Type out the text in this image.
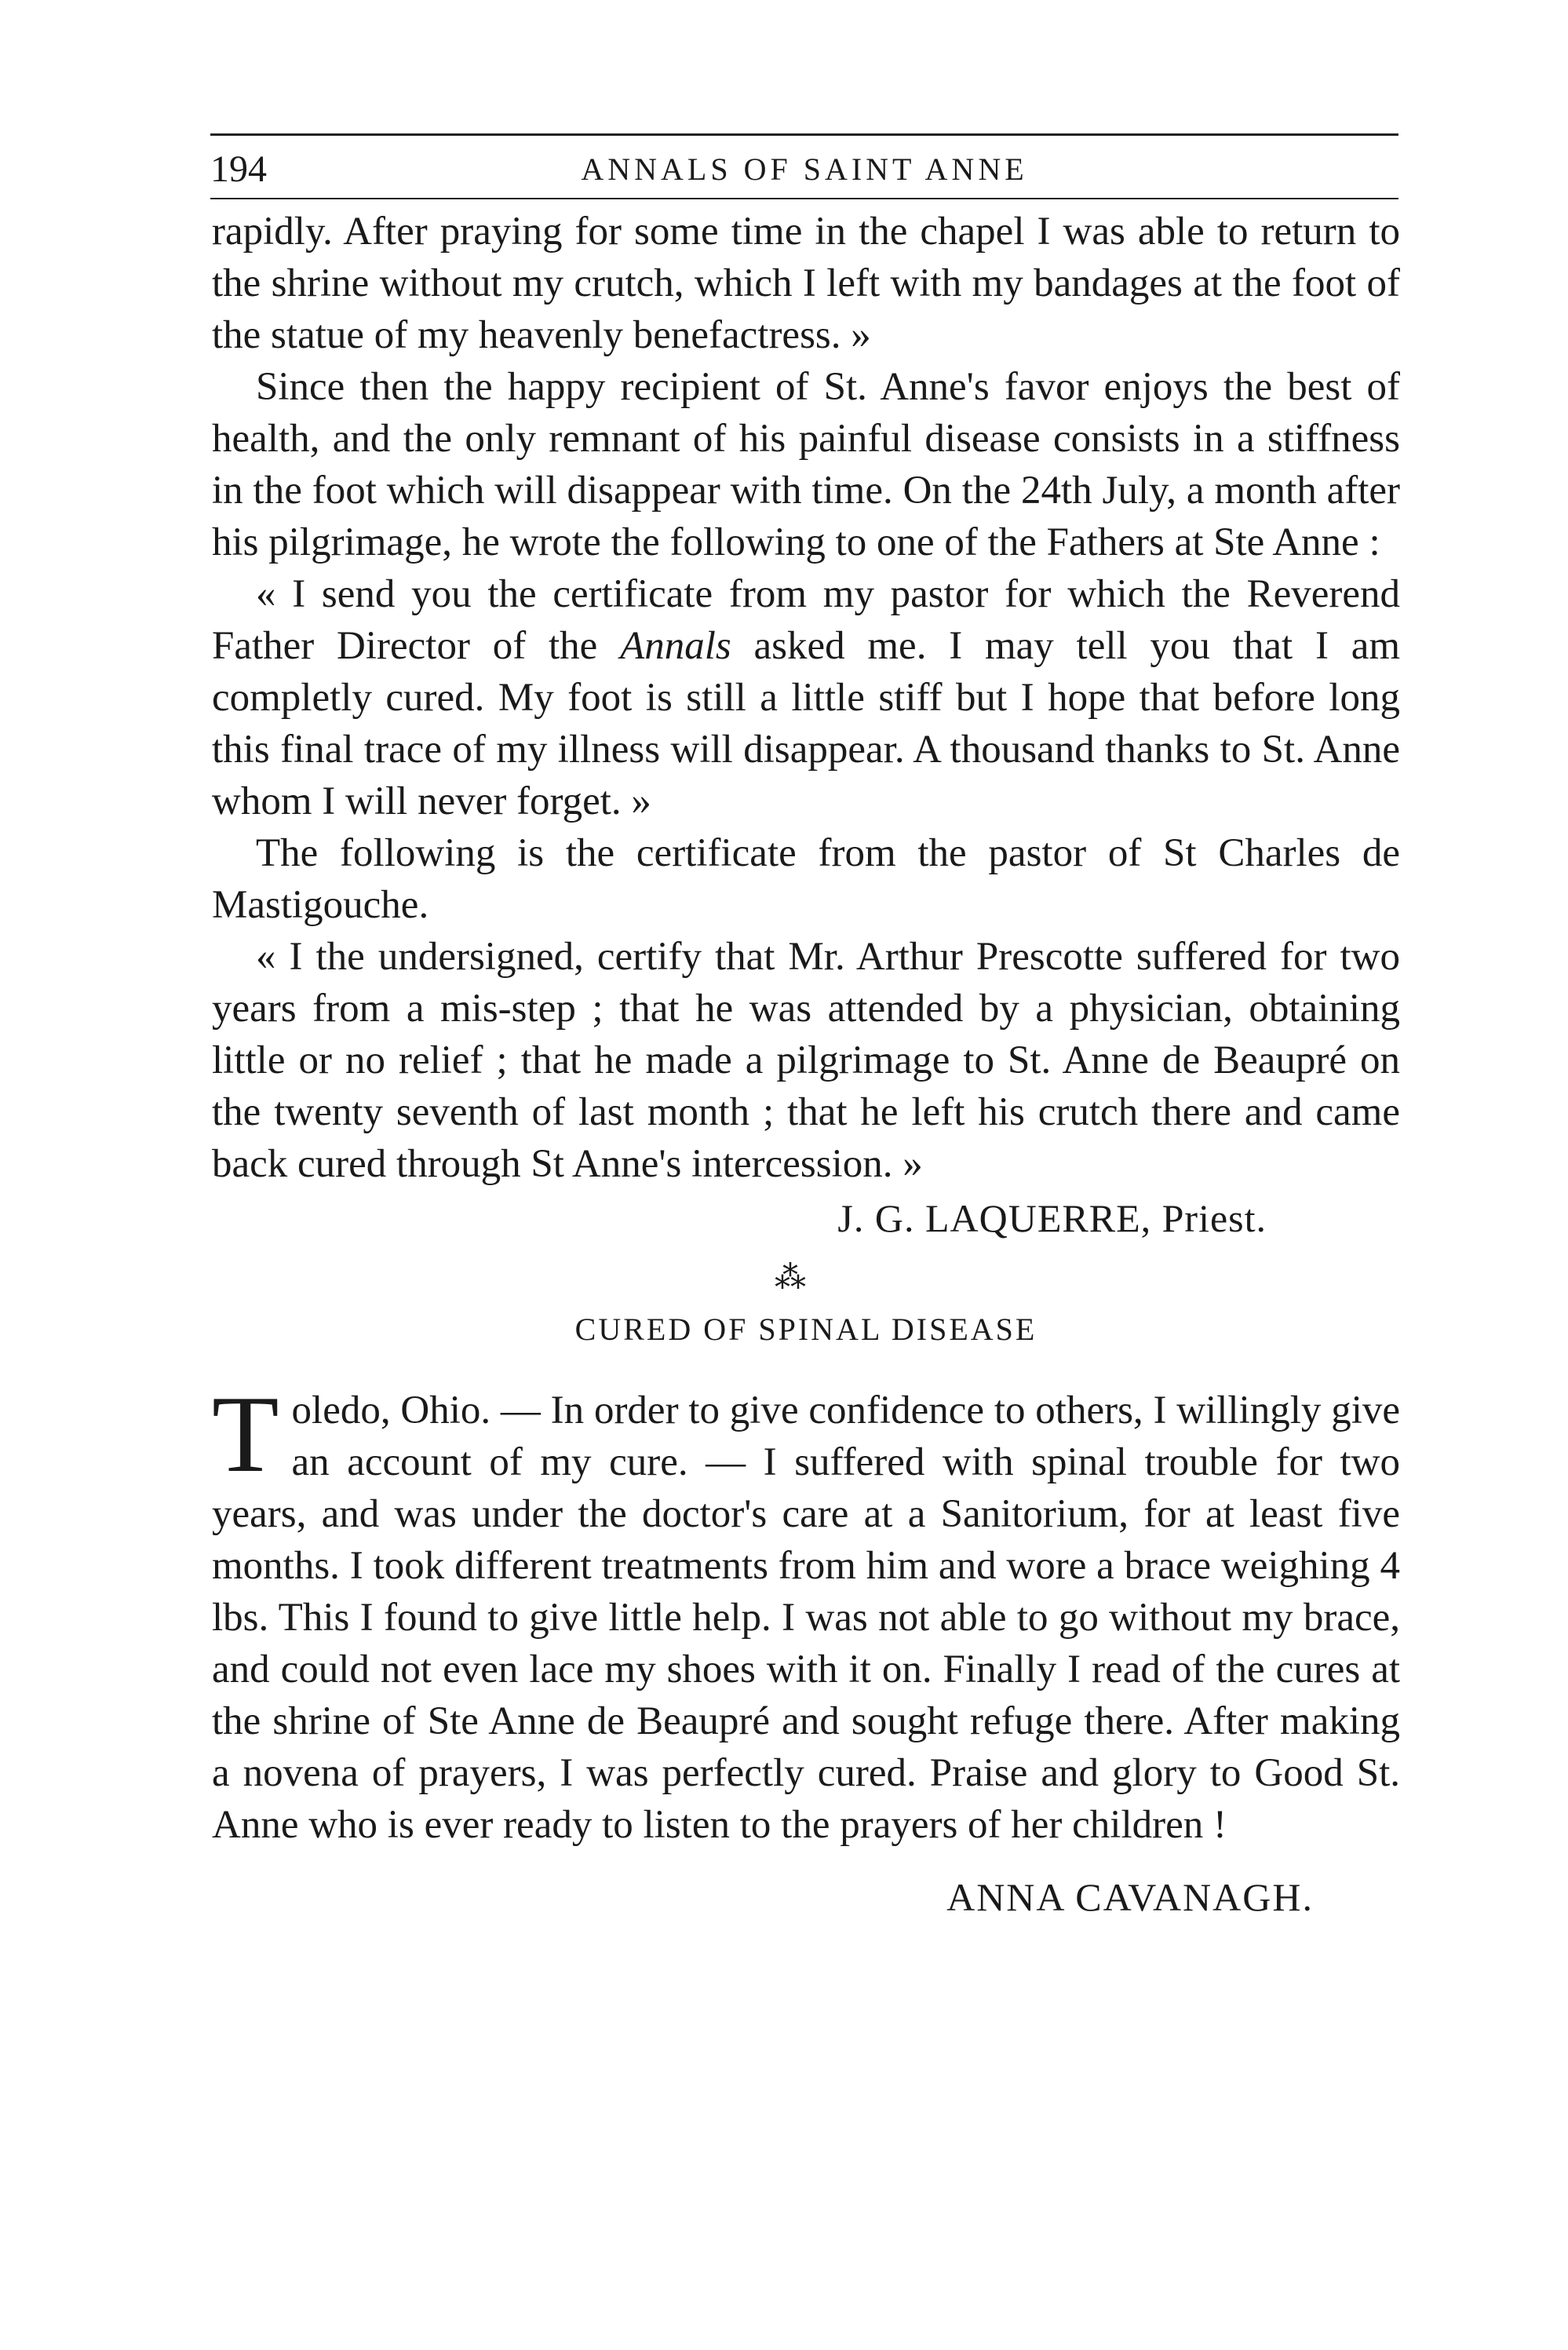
194	ANNALS OF SAINT ANNE

rapidly. After praying for some time in the chapel I was able to return to the shrine without my crutch, which I left with my bandages at the foot of the statue of my heavenly benefactress. »

Since then the happy recipient of St. Anne's favor enjoys the best of health, and the only remnant of his painful disease consists in a stiffness in the foot which will disappear with time. On the 24th July, a month after his pilgrimage, he wrote the following to one of the Fathers at Ste Anne :

« I send you the certificate from my pastor for which the Reverend Father Director of the Annals asked me. I may tell you that I am completly cured. My foot is still a little stiff but I hope that before long this final trace of my illness will disappear. A thousand thanks to St. Anne whom I will never forget. »

The following is the certificate from the pastor of St Charles de Mastigouche.

« I the undersigned, certify that Mr. Arthur Prescotte suffered for two years from a mis-step ; that he was attended by a physician, obtaining little or no relief ; that he made a pilgrimage to St. Anne de Beaupré on the twenty seventh of last month ; that he left his crutch there and came back cured through St Anne's intercession. »

J. G. LAQUERRE, Priest.
⁂
CURED OF SPINAL DISEASE
T oledo, Ohio. — In order to give confidence to others, I willingly give an account of my cure. — I suffered with spinal trouble for two years, and was under the doctor's care at a Sanitorium, for at least five months. I took different treatments from him and wore a brace weighing 4 lbs. This I found to give little help. I was not able to go without my brace, and could not even lace my shoes with it on. Finally I read of the cures at the shrine of Ste Anne de Beaupré and sought refuge there. After making a novena of prayers, I was perfectly cured. Praise and glory to Good St. Anne who is ever ready to listen to the prayers of her children !
ANNA CAVANAGH.
